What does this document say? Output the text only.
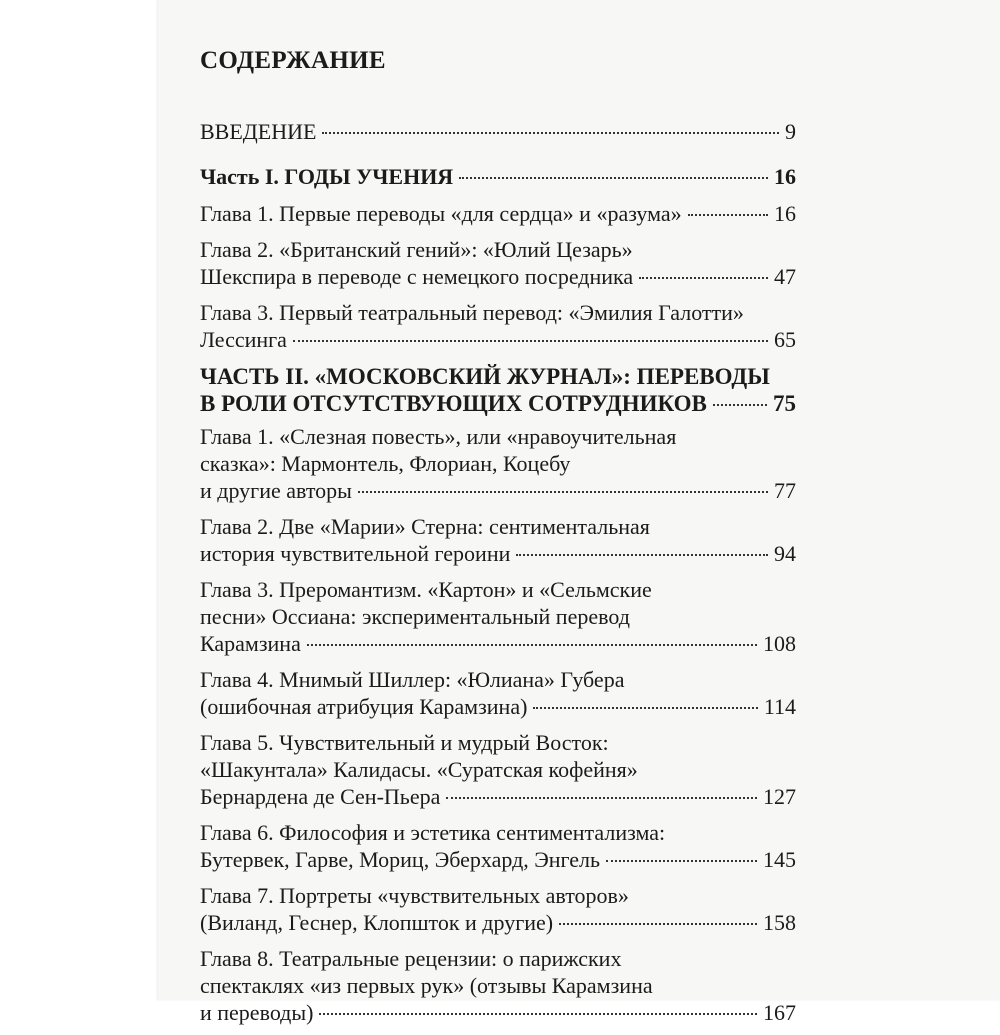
СОДЕРЖАНИЕ
ВВЕДЕНИЕ	9
Часть I. ГОДЫ УЧЕНИЯ	16
Глава 1. Первые переводы «для сердца» и «разума»	16
Глава 2. «Британский гений»: «Юлий Цезарь»
Шекспира в переводе с немецкого посредника	47
Глава 3. Первый театральный перевод: «Эмилия Галотти»
Лессинга	65
ЧАСТЬ II. «МОСКОВСКИЙ ЖУРНАЛ»: ПЕРЕВОДЫ
В РОЛИ ОТСУТСТВУЮЩИХ СОТРУДНИКОВ	75
Глава 1. «Слезная повесть», или «нравоучительная
сказка»: Мармонтель, Флориан, Коцебу
и другие авторы	77
Глава 2. Две «Марии» Стерна: сентиментальная
история чувствительной героини	94
Глава 3. Преромантизм. «Картон» и «Сельмские
песни» Оссиана: экспериментальный перевод
Карамзина	108
Глава 4. Мнимый Шиллер: «Юлиана» Губера
(ошибочная атрибуция Карамзина)	114
Глава 5. Чувствительный и мудрый Восток:
«Шакунтала» Калидасы. «Суратская кофейня»
Бернардена де Сен-Пьера	127
Глава 6. Философия и эстетика сентиментализма:
Бутервек, Гарве, Мориц, Эберхард, Энгель	145
Глава 7. Портреты «чувствительных авторов»
(Виланд, Геснер, Клопшток и другие)	158
Глава 8. Театральные рецензии: о парижских
спектаклях «из первых рук» (отзывы Карамзина
и переводы)	167
